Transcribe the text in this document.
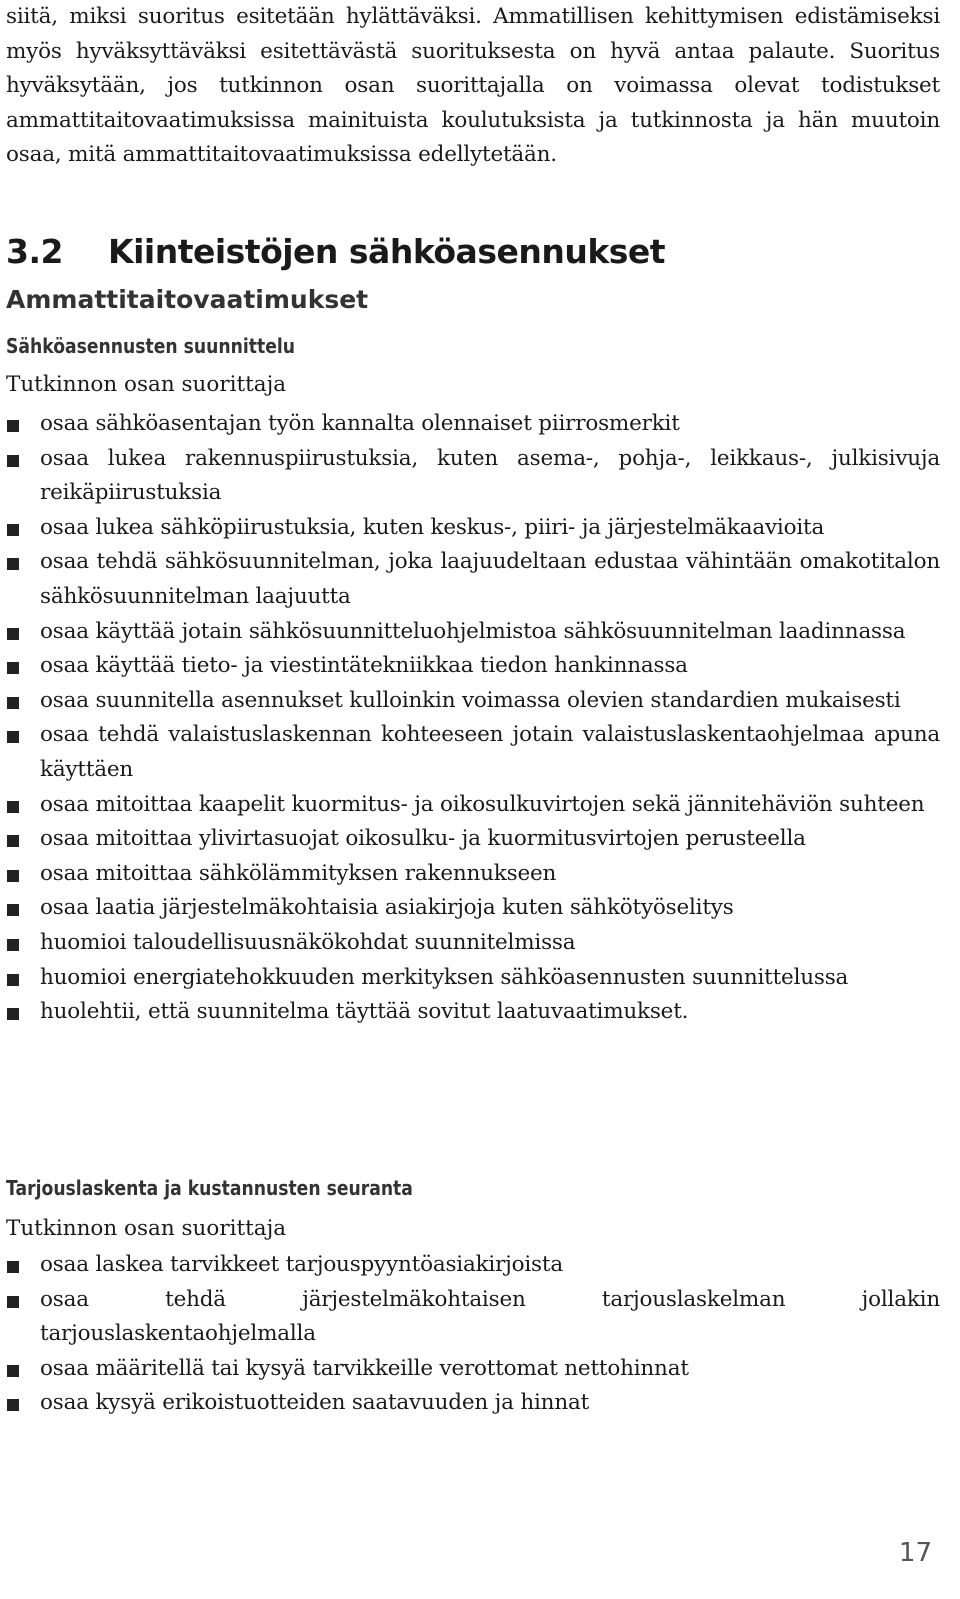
siitä, miksi suoritus esitetään hylättäväksi. Ammatillisen kehittymisen edistämiseksi myös hyväksyttäväksi esitettävästä suorituksesta on hyvä antaa palaute. Suoritus hyväksytään, jos tutkinnon osan suorittajalla on voimassa olevat todistukset ammattitaitovaatimuksissa mainituista koulutuksista ja tutkinnosta ja hän muutoin osaa, mitä ammattitaitovaatimuksissa edellytetään.

3.2 Kiinteistöjen sähköasennukset
Ammattitaitovaatimukset
Sähköasennusten suunnittelu

Tutkinnon osan suorittaja

osaa sähköasentajan työn kannalta olennaiset piirrosmerkit
osaa lukea rakennuspiirustuksia, kuten asema-, pohja-, leikkaus-, julkisivuja reikäpiirustuksia
osaa lukea sähköpiirustuksia, kuten keskus-, piiri- ja järjestelmäkaavioita
osaa tehdä sähkösuunnitelman, joka laajuudeltaan edustaa vähintään omakotitalon sähkösuunnitelman laajuutta
osaa käyttää jotain sähkösuunnitteluohjelmistoa sähkösuunnitelman laadinnassa
osaa käyttää tieto- ja viestintätekniikkaa tiedon hankinnassa
osaa suunnitella asennukset kulloinkin voimassa olevien standardien mukaisesti
osaa tehdä valaistuslaskennan kohteeseen jotain valaistuslaskentaohjelmaa apuna käyttäen
osaa mitoittaa kaapelit kuormitus- ja oikosulkuvirtojen sekä jännitehäviön suhteen
osaa mitoittaa ylivirtasuojat oikosulku- ja kuormitusvirtojen perusteella
osaa mitoittaa sähkölämmityksen rakennukseen
osaa laatia järjestelmäkohtaisia asiakirjoja kuten sähkötyöselitys
huomioi taloudellisuusnäkökohdat suunnitelmissa
huomioi energiatehokkuuden merkityksen sähköasennusten suunnittelussa
huolehtii, että suunnitelma täyttää sovitut laatuvaatimukset.
Tarjouslaskenta ja kustannusten seuranta

Tutkinnon osan suorittaja

osaa laskea tarvikkeet tarjouspyyntöasiakirjoista
osaa tehdä järjestelmäkohtaisen tarjouslaskelman jollakin tarjouslaskentaohjelmalla
osaa määritellä tai kysyä tarvikkeille verottomat nettohinnat
osaa kysyä erikoistuotteiden saatavuuden ja hinnat
17
